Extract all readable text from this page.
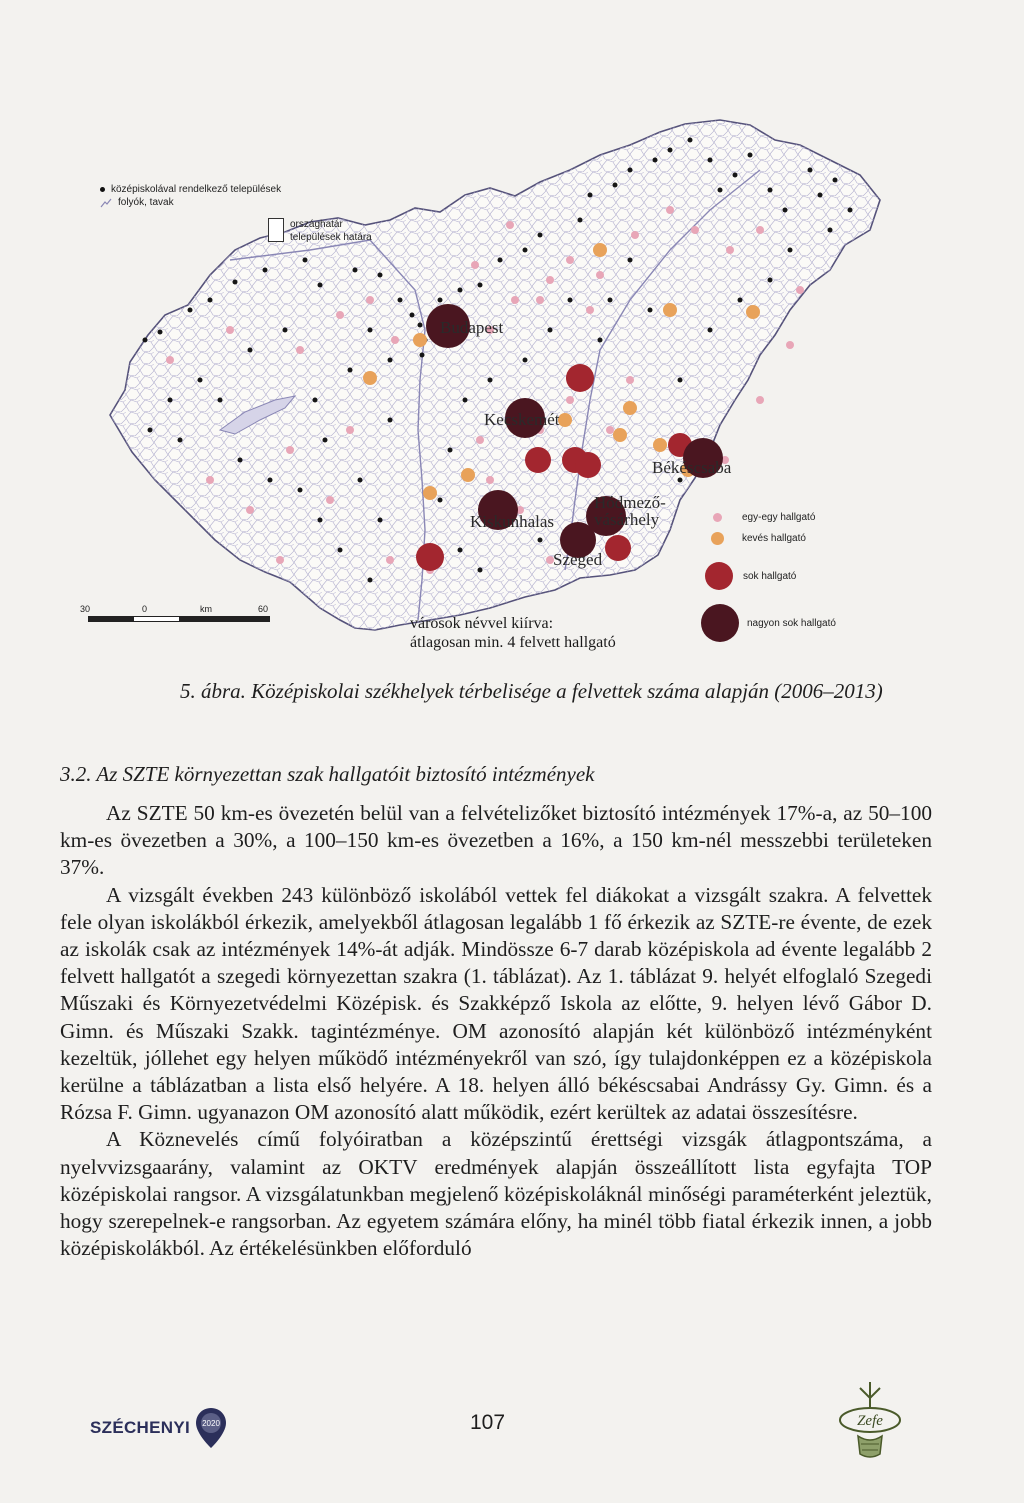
középiskolával rendelkező települések
folyók, tavak
országhatár
települések határa
Budapest
Kecskemét
Békéscsaba
Kiskunhalas
Hódmező-
vásárhely
Szeged
30	0	km	60
városok névvel kiírva:
átlagosan min. 4 felvett hallgató
egy-egy hallgató
kevés hallgató
sok hallgató
nagyon sok hallgató
5. ábra. Középiskolai székhelyek térbelisége a felvettek száma alapján (2006–2013)
3.2. Az SZTE környezettan szak hallgatóit biztosító intézmények

Az SZTE 50 km-es övezetén belül van a felvételizőket biztosító intézmények 17%-a, az 50–100 km-es övezetben a 30%, a 100–150 km-es övezetben a 16%, a 150 km-nél messzebbi területeken 37%.

A vizsgált években 243 különböző iskolából vettek fel diákokat a vizsgált szakra. A felvettek fele olyan iskolákból érkezik, amelyekből átlagosan legalább 1 fő érkezik az SZTE-re évente, de ezek az iskolák csak az intézmények 14%-át adják. Mindössze 6-7 darab középiskola ad évente legalább 2 felvett hallgatót a szegedi környezettan szakra (1. táblázat). Az 1. táblázat 9. helyét elfoglaló Szegedi Műszaki és Környezetvédelmi Középisk. és Szakképző Iskola az előtte, 9. helyen lévő Gábor D. Gimn. és Műszaki Szakk. tagintézménye. OM azonosító alapján két különböző intézményként kezeltük, jóllehet egy helyen működő intézményekről van szó, így tulajdonképpen ez a középiskola kerülne a táblázatban a lista első helyére. A 18. helyen álló békéscsabai Andrássy Gy. Gimn. és a Rózsa F. Gimn. ugyanazon OM azonosító alatt működik, ezért kerültek az adatai összesítésre.

A Köznevelés című folyóiratban a középszintű érettségi vizsgák átlagpontszáma, a nyelvvizsgaarány, valamint az OKTV eredmények alapján összeállított lista egyfajta TOP középiskolai rangsor. A vizsgálatunkban megjelenő középiskoláknál minőségi paraméterként jeleztük, hogy szerepelnek-e rangsorban. Az egyetem számára előny, ha minél több fiatal érkezik innen, a jobb középiskolákból. Az értékelésünkben előforduló

SZÉCHENYI 2020	107	Zefe
